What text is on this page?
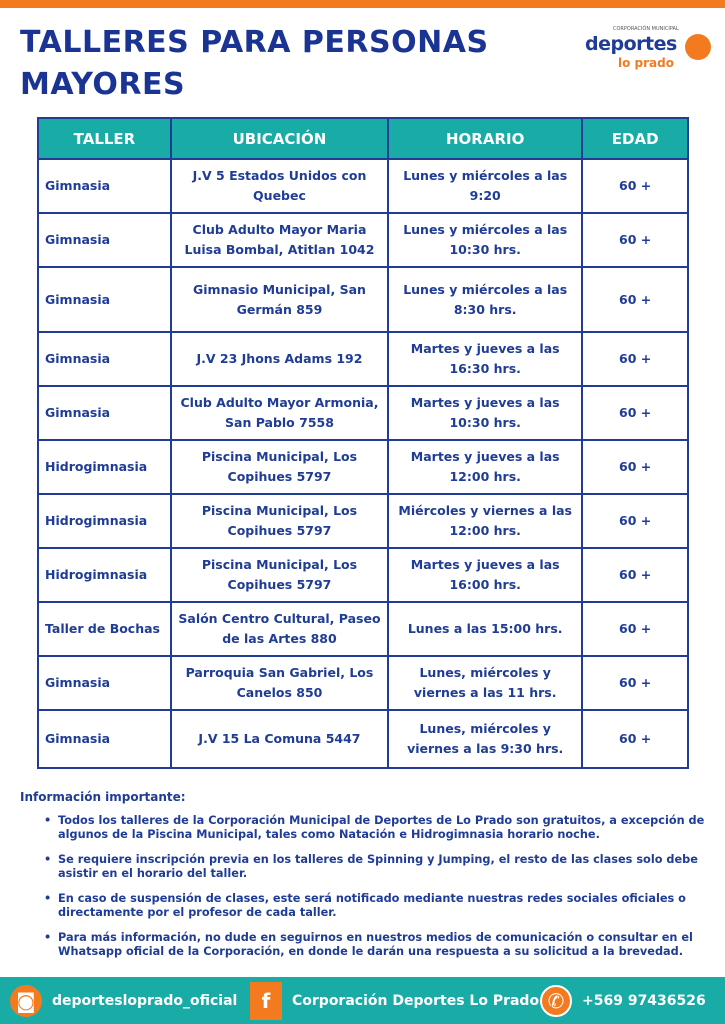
TALLERES PARA PERSONAS
MAYORES
CORPORACIÓN MUNICIPAL
deportes
lo prado
TALLER	UBICACIÓN	HORARIO	EDAD
Gimnasia	J.V 5 Estados Unidos con Quebec	Lunes y miércoles a las 9:20	60 +
Gimnasia	Club Adulto Mayor Maria Luisa Bombal, Atitlan 1042	Lunes y miércoles a las 10:30 hrs.	60 +
Gimnasia	Gimnasio Municipal, San Germán 859	Lunes y miércoles a las 8:30 hrs.	60 +
Gimnasia	J.V 23 Jhons Adams 192	Martes y jueves a las 16:30 hrs.	60 +
Gimnasia	Club Adulto Mayor Armonia, San Pablo 7558	Martes y jueves a las 10:30 hrs.	60 +
Hidrogimnasia	Piscina Municipal, Los Copihues 5797	Martes y jueves a las 12:00 hrs.	60 +
Hidrogimnasia	Piscina Municipal, Los Copihues 5797	Miércoles y viernes a las 12:00 hrs.	60 +
Hidrogimnasia	Piscina Municipal, Los Copihues 5797	Martes y jueves a las 16:00 hrs.	60 +
Taller de Bochas	Salón Centro Cultural, Paseo de las Artes 880	Lunes a las 15:00 hrs.	60 +
Gimnasia	Parroquia San Gabriel, Los Canelos 850	Lunes, miércoles y viernes a las 11 hrs.	60 +
Gimnasia	J.V 15 La Comuna 5447	Lunes, miércoles y viernes a las 9:30 hrs.	60 +
Información importante:
• Todos los talleres de la Corporación Municipal de Deportes de Lo Prado son gratuitos, a excepción de algunos de la Piscina Municipal, tales como Natación e Hidrogimnasia horario noche.
• Se requiere inscripción previa en los talleres de Spinning y Jumping, el resto de las clases solo debe asistir en el horario del taller.
• En caso de suspensión de clases, este será notificado mediante nuestras redes sociales oficiales o directamente por el profesor de cada taller.
• Para más información, no dude en seguirnos en nuestros medios de comunicación o consultar en el Whatsapp oficial de la Corporación, en donde le darán una respuesta a su solicitud a la brevedad.
◙	deportesloprado_oficial	f	Corporación Deportes Lo Prado ✆	+569 97436526
